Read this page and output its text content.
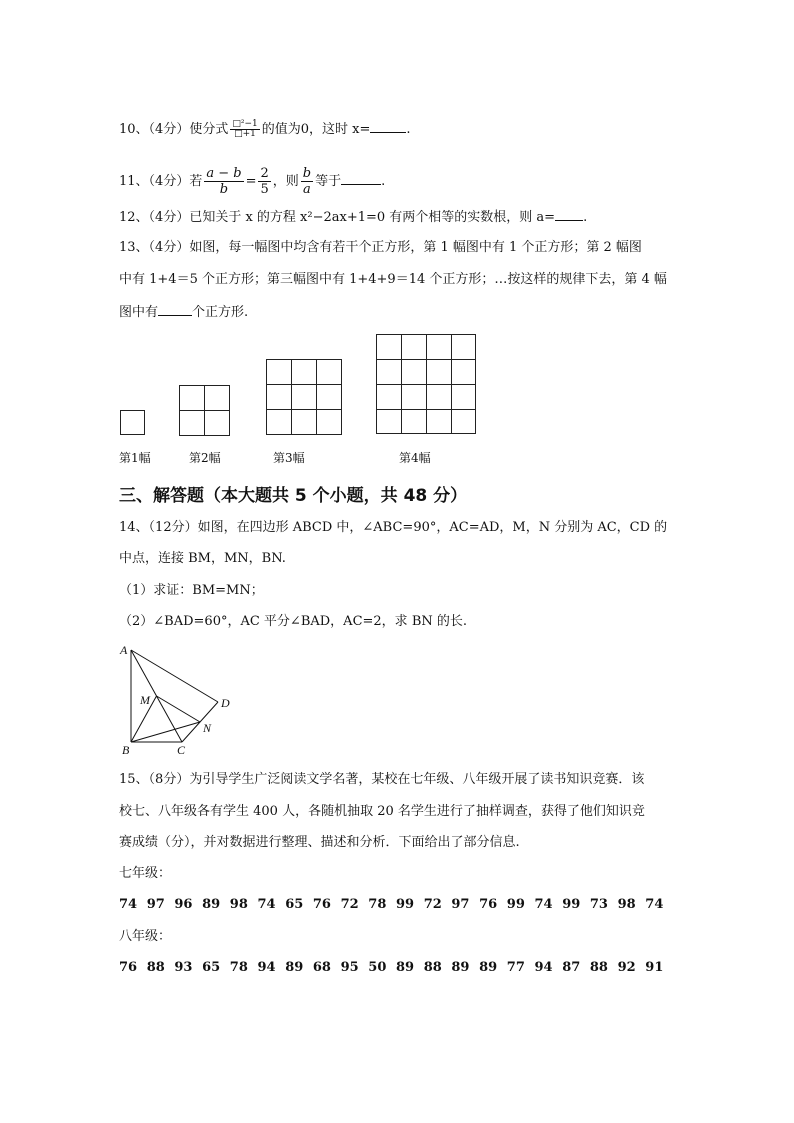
10、（4分）使分式 $\frac{\text{□²−1}}{□+1}$ 的值为0，这时 x=	.
11、（4分）若 $\frac{a - b}{b} = \frac{2}{5}$ ，则 $\frac{b}{a}$ 等于	.
12、（4分）已知关于 x 的方程 x²−2ax+1=0 有两个相等的实数根，则 a= .
13、（4分）如图，每一幅图中均含有若干个正方形，第 1 幅图中有 1 个正方形；第 2 幅图
中有 1+4＝5 个正方形；第三幅图中有 1+4+9＝14 个正方形；…按这样的规律下去，第 4 幅
图中有	个正方形.
第1幅	第2幅	第3幅	第4幅
三、解答题（本大题共 5 个小题，共 48 分）
14、（12分）如图，在四边形 ABCD 中，∠ABC=90°，AC=AD，M，N 分别为 AC，CD 的
中点，连接 BM，MN，BN.
（1）求证：BM=MN；
（2）∠BAD=60°，AC 平分∠BAD，AC=2，求 BN 的长.
A
B	C
D
M
N
15、（8分）为引导学生广泛阅读文学名著，某校在七年级、八年级开展了读书知识竞赛．该
校七、八年级各有学生 400 人，各随机抽取 20 名学生进行了抽样调查，获得了他们知识竞
赛成绩（分），并对数据进行整理、描述和分析．下面给出了部分信息.
七年级：
74 97 96 89 98 74 65 76 72 78 99 72 97 76 99 74 99 73 98 74
八年级：
76 88 93 65 78 94 89 68 95 50 89 88 89 89 77 94 87 88 92 91
